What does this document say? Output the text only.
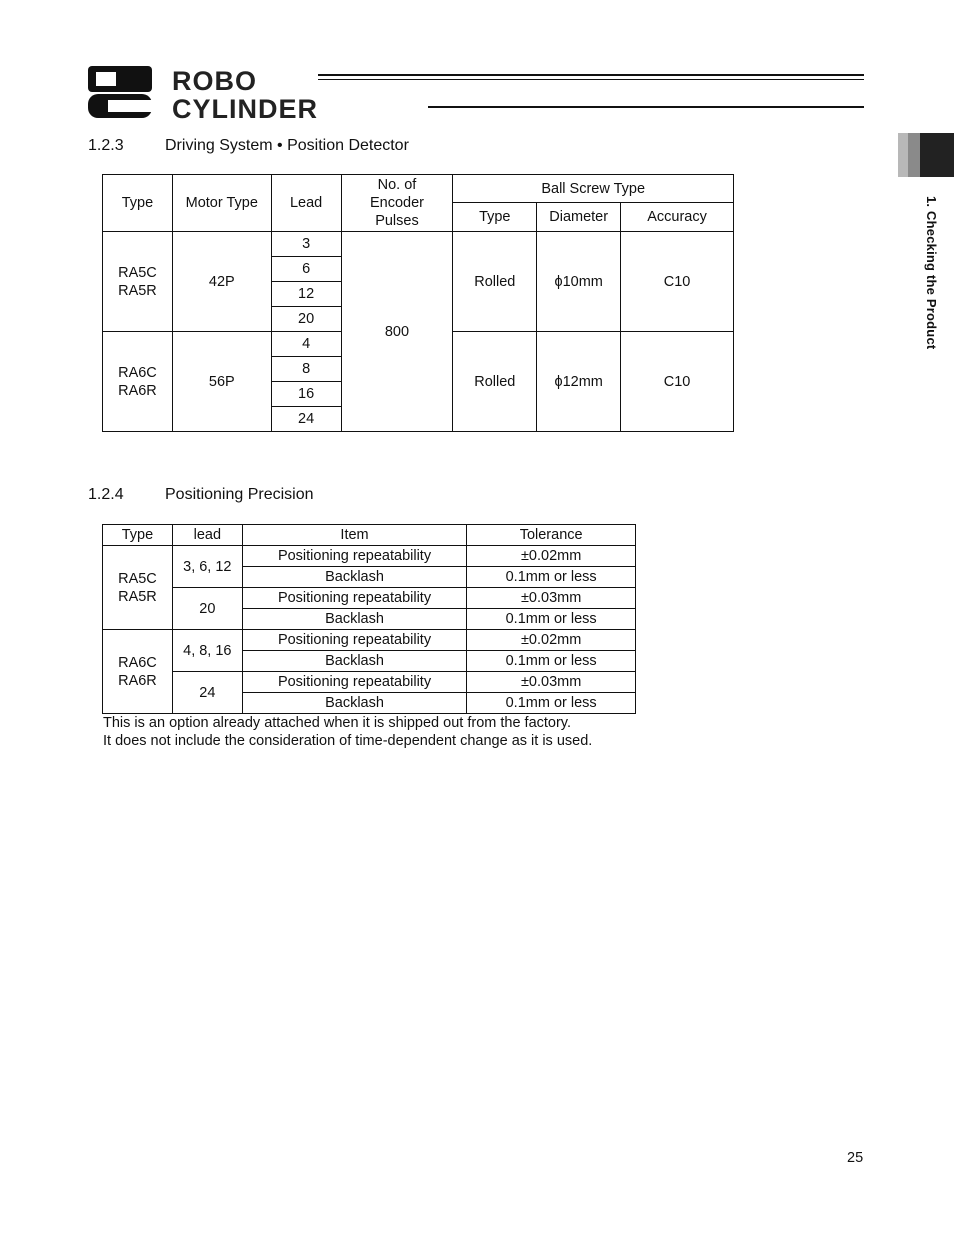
ROBO
CYLINDER
1. Checking the Product
1.2.3	Driving System • Position Detector
Type	Motor Type	Lead	No. of
Encoder
Pulses	Ball Screw Type		
				Type	Diameter	Accuracy
RA5C
RA5R	42P	3	800	Rolled	ϕ10mm	C10
		6				
		12				
		20				
RA6C
RA6R	56P	4		Rolled	ϕ12mm	C10
		8				
		16				
		24				
1.2.4	Positioning Precision
Type	lead	Item	Tolerance
RA5C
RA5R	3, 6, 12	Positioning repeatability	±0.02mm
		Backlash	0.1mm or less
	20	Positioning repeatability	±0.03mm
		Backlash	0.1mm or less
RA6C
RA6R	4, 8, 16	Positioning repeatability	±0.02mm
		Backlash	0.1mm or less
	24	Positioning repeatability	±0.03mm
		Backlash	0.1mm or less
This is an option already attached when it is shipped out from the factory.
It does not include the consideration of time-dependent change as it is used.
25
